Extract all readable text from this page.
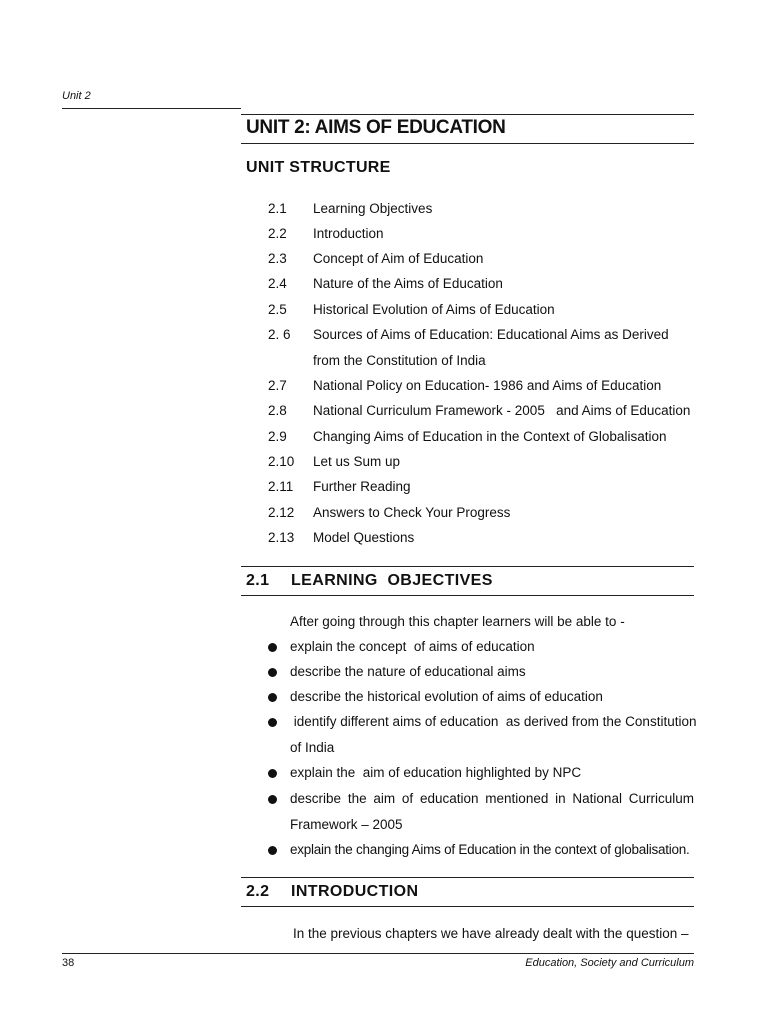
Unit 2
UNIT 2: AIMS OF EDUCATION
UNIT STRUCTURE
2.1 Learning Objectives
2.2 Introduction
2.3 Concept of Aim of Education
2.4 Nature of the Aims of Education
2.5 Historical Evolution of Aims of Education
2. 6 Sources of Aims of Education: Educational Aims as Derived
from the Constitution of India
2.7 National Policy on Education- 1986 and Aims of Education
2.8 National Curriculum Framework - 2005   and Aims of Education
2.9 Changing Aims of Education in the Context of Globalisation
2.10 Let us Sum up
2.11 Further Reading
2.12 Answers to Check Your Progress
2.13 Model Questions
2.1 LEARNING  OBJECTIVES
After going through this chapter learners will be able to -
explain the concept  of aims of education
describe the nature of educational aims
describe the historical evolution of aims of education
identify different aims of education  as derived from the Constitution
of India
explain the  aim of education highlighted by NPC
describe the aim of education mentioned in National Curriculum
Framework – 2005
explain the changing Aims of Education in the context of globalisation.
2.2 INTRODUCTION
In the previous chapters we have already dealt with the question –
38	Education, Society and Curriculum
